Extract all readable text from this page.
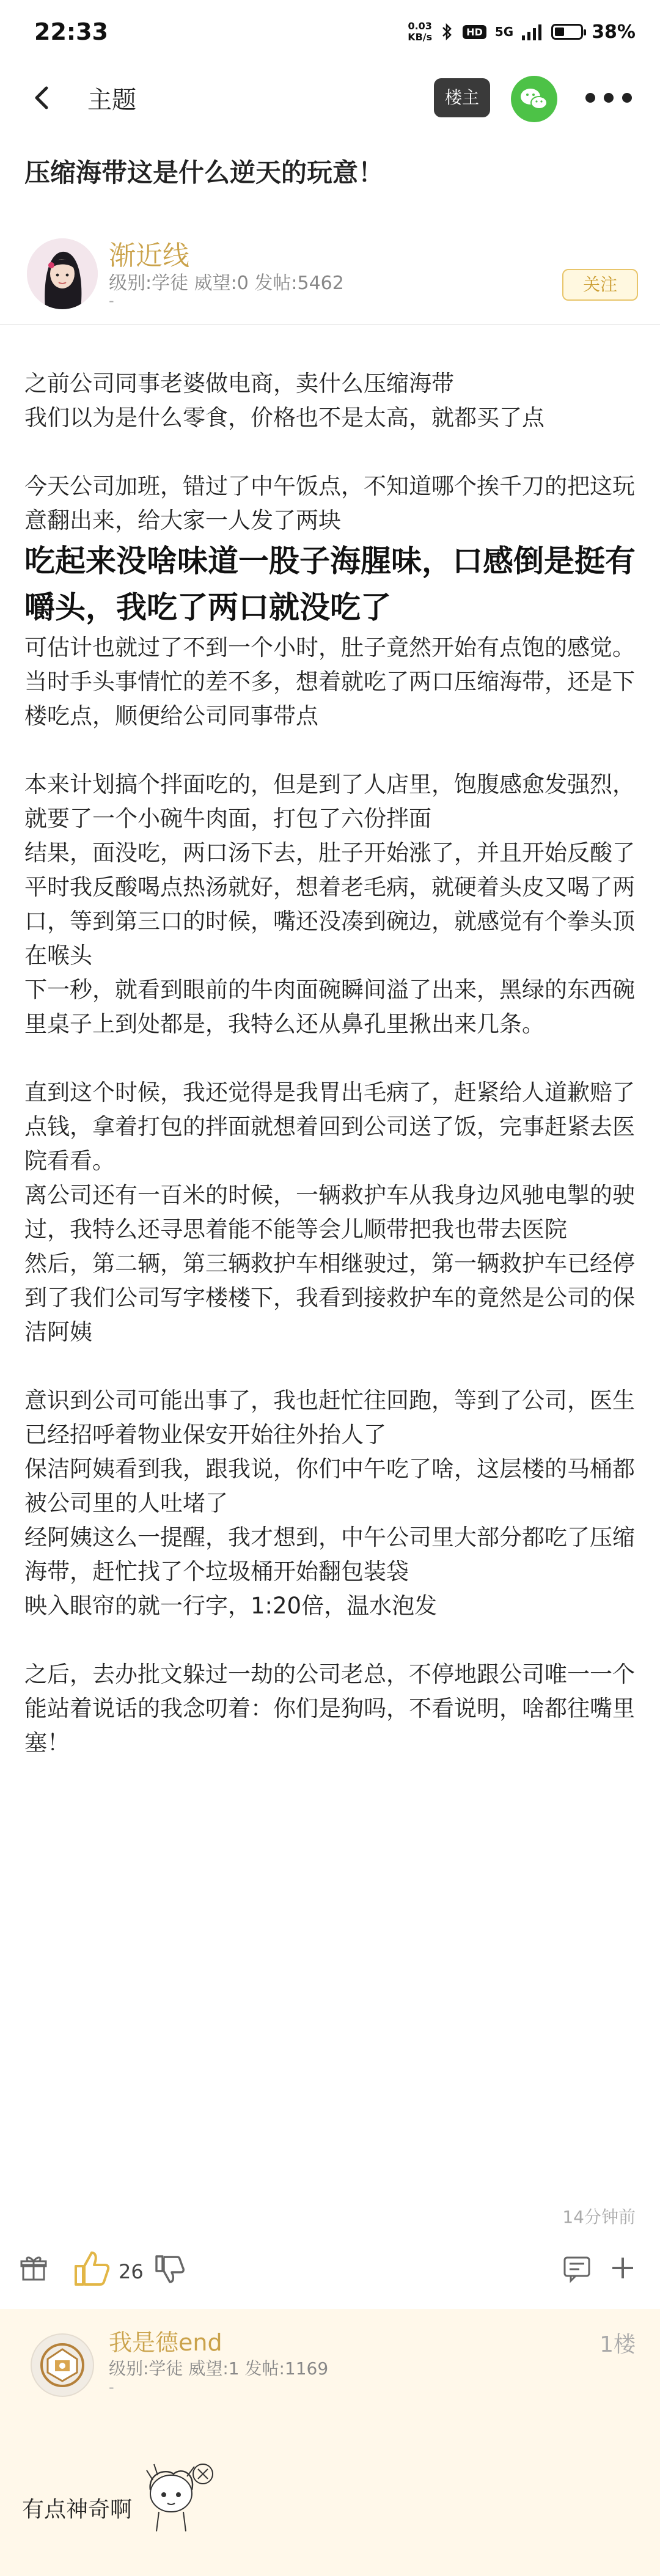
22:33	0.03
KB/s	HD	5G	38%
主题	楼主
压缩海带这是什么逆天的玩意！
渐近线
级别:学徒 威望:0 发帖:5462
-
关注

之前公司同事老婆做电商，卖什么压缩海带

我们以为是什么零食，价格也不是太高，就都买了点

今天公司加班，错过了中午饭点，不知道哪个挨千刀的把这玩意翻出来，给大家一人发了两块

吃起来没啥味道一股子海腥味，口感倒是挺有嚼头，我吃了两口就没吃了

可估计也就过了不到一个小时，肚子竟然开始有点饱的感觉。

当时手头事情忙的差不多，想着就吃了两口压缩海带，还是下楼吃点，顺便给公司同事带点

本来计划搞个拌面吃的，但是到了人店里，饱腹感愈发强烈，就要了一个小碗牛肉面，打包了六份拌面

结果，面没吃，两口汤下去，肚子开始涨了，并且开始反酸了

平时我反酸喝点热汤就好，想着老毛病，就硬着头皮又喝了两口，等到第三口的时候，嘴还没凑到碗边，就感觉有个拳头顶在喉头

下一秒，就看到眼前的牛肉面碗瞬间溢了出来，黑绿的东西碗里桌子上到处都是，我特么还从鼻孔里揪出来几条。

直到这个时候，我还觉得是我胃出毛病了，赶紧给人道歉赔了点钱，拿着打包的拌面就想着回到公司送了饭，完事赶紧去医院看看。

离公司还有一百米的时候，一辆救护车从我身边风驰电掣的驶过，我特么还寻思着能不能等会儿顺带把我也带去医院

然后，第二辆，第三辆救护车相继驶过，第一辆救护车已经停到了我们公司写字楼楼下，我看到接救护车的竟然是公司的保洁阿姨

意识到公司可能出事了，我也赶忙往回跑，等到了公司，医生已经招呼着物业保安开始往外抬人了

保洁阿姨看到我，跟我说，你们中午吃了啥，这层楼的马桶都被公司里的人吐堵了

经阿姨这么一提醒，我才想到，中午公司里大部分都吃了压缩海带，赶忙找了个垃圾桶开始翻包装袋

映入眼帘的就一行字，1:20倍，温水泡发

之后，去办批文躲过一劫的公司老总，不停地跟公司唯一一个能站着说话的我念叨着：你们是狗吗，不看说明，啥都往嘴里塞！

14分钟前
26
我是德end
级别:学徒 威望:1 发帖:1169
-
1楼
有点神奇啊
